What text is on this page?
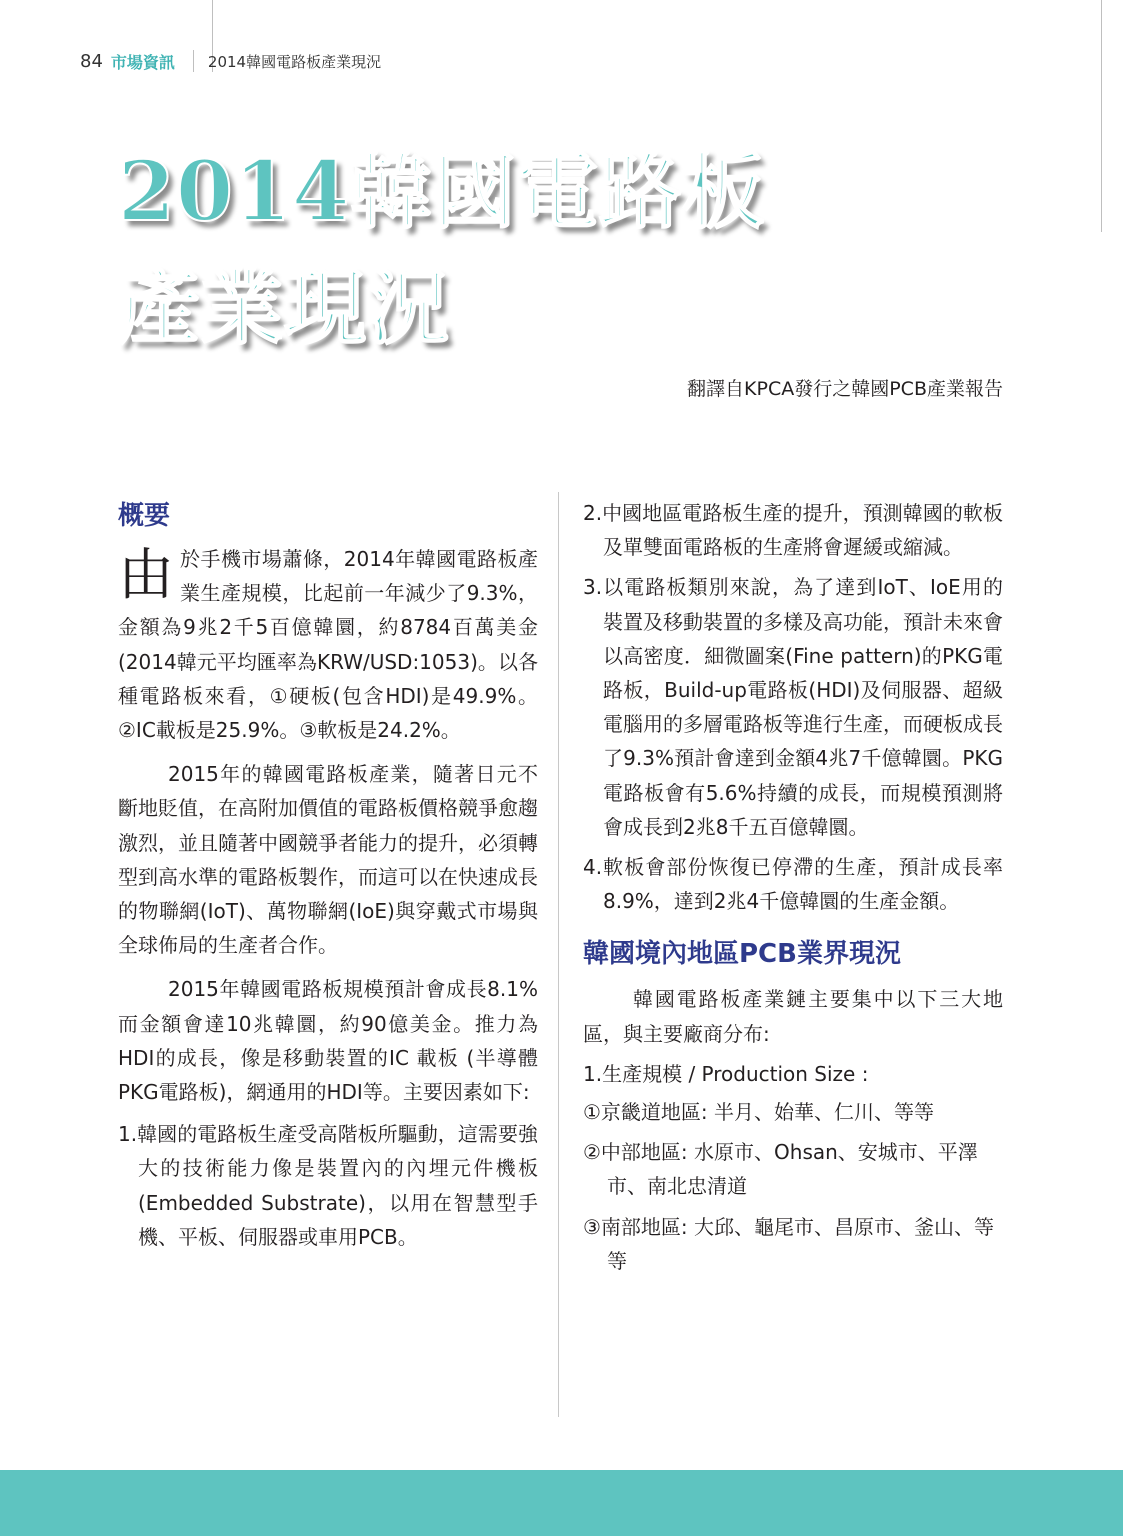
84 市場資訊 2014韓國電路板產業現況
2014韓國電路板
產業現況
翻譯自KPCA發行之韓國PCB產業報告
概要

由於手機市場蕭條，2014年韓國電路板產業生產規模，比起前一年減少了9.3%，金額為9兆2千5百億韓圜，約8784百萬美金(2014韓元平均匯率為KRW/USD:1053)。以各種電路板來看，①硬板(包含HDI)是49.9%。②IC載板是25.9%。③軟板是24.2%。

2015年的韓國電路板產業，隨著日元不斷地貶值，在高附加價值的電路板價格競爭愈趨激烈，並且隨著中國競爭者能力的提升，必須轉型到高水準的電路板製作，而這可以在快速成長的物聯網(IoT)、萬物聯網(IoE)與穿戴式市場與全球佈局的生產者合作。

2015年韓國電路板規模預計會成長8.1%而金額會達10兆韓圜，約90億美金。推力為HDI的成長，像是移動裝置的IC 載板 (半導體PKG電路板)，網通用的HDI等。主要因素如下:

1.韓國的電路板生產受高階板所驅動，這需要強大的技術能力像是裝置內的內埋元件機板(Embedded Substrate)，以用在智慧型手機、平板、伺服器或車用PCB。
2.中國地區電路板生產的提升，預測韓國的軟板及單雙面電路板的生產將會遲緩或縮減。
3.以電路板類別來說，為了達到IoT、IoE用的裝置及移動裝置的多樣及高功能，預計未來會以高密度．細微圖案(Fine pattern)的PKG電路板，Build-up電路板(HDI)及伺服器、超級電腦用的多層電路板等進行生產，而硬板成長了9.3%預計會達到金額4兆7千億韓圜。PKG電路板會有5.6%持續的成長，而規模預測將會成長到2兆8千五百億韓圜。
4.軟板會部份恢復已停滯的生產，預計成長率8.9%，達到2兆4千億韓圜的生產金額。
韓國境內地區PCB業界現況

韓國電路板產業鏈主要集中以下三大地區，與主要廠商分布:

1.生產規模 / Production Size :

①京畿道地區: 半月、始華、仁川、等等
②中部地區: 水原市、Ohsan、安城市、平澤市、南北忠清道
③南部地區: 大邱、龜尾市、昌原市、釜山、等等
